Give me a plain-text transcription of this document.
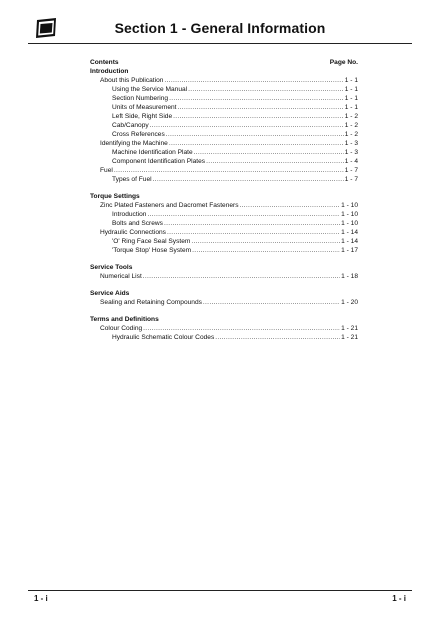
Section 1 - General Information
Contents	Page No.
Introduction
About this Publication .....	1 - 1
Using the Service Manual .....	1 - 1
Section Numbering .....	1 - 1
Units of Measurement .....	1 - 1
Left Side, Right Side .....	1 - 2
Cab/Canopy .....	1 - 2
Cross References .....	1 - 2
Identifying the Machine .....	1 - 3
Machine Identification Plate .....	1 - 3
Component Identification Plates .....	1 - 4
Fuel .....	1 - 7
Types of Fuel .....	1 - 7
Torque Settings
Zinc Plated Fasteners and Dacromet Fasteners .....	1 - 10
Introduction .....	1 - 10
Bolts and Screws .....	1 - 10
Hydraulic Connections .....	1 - 14
'O' Ring Face Seal System .....	1 - 14
'Torque Stop' Hose System .....	1 - 17
Service Tools
Numerical List .....	1 - 18
Service Aids
Sealing and Retaining Compounds .....	1 - 20
Terms and Definitions
Colour Coding .....	1 - 21
Hydraulic Schematic Colour Codes .....	1 - 21
1 - i	1 - i
